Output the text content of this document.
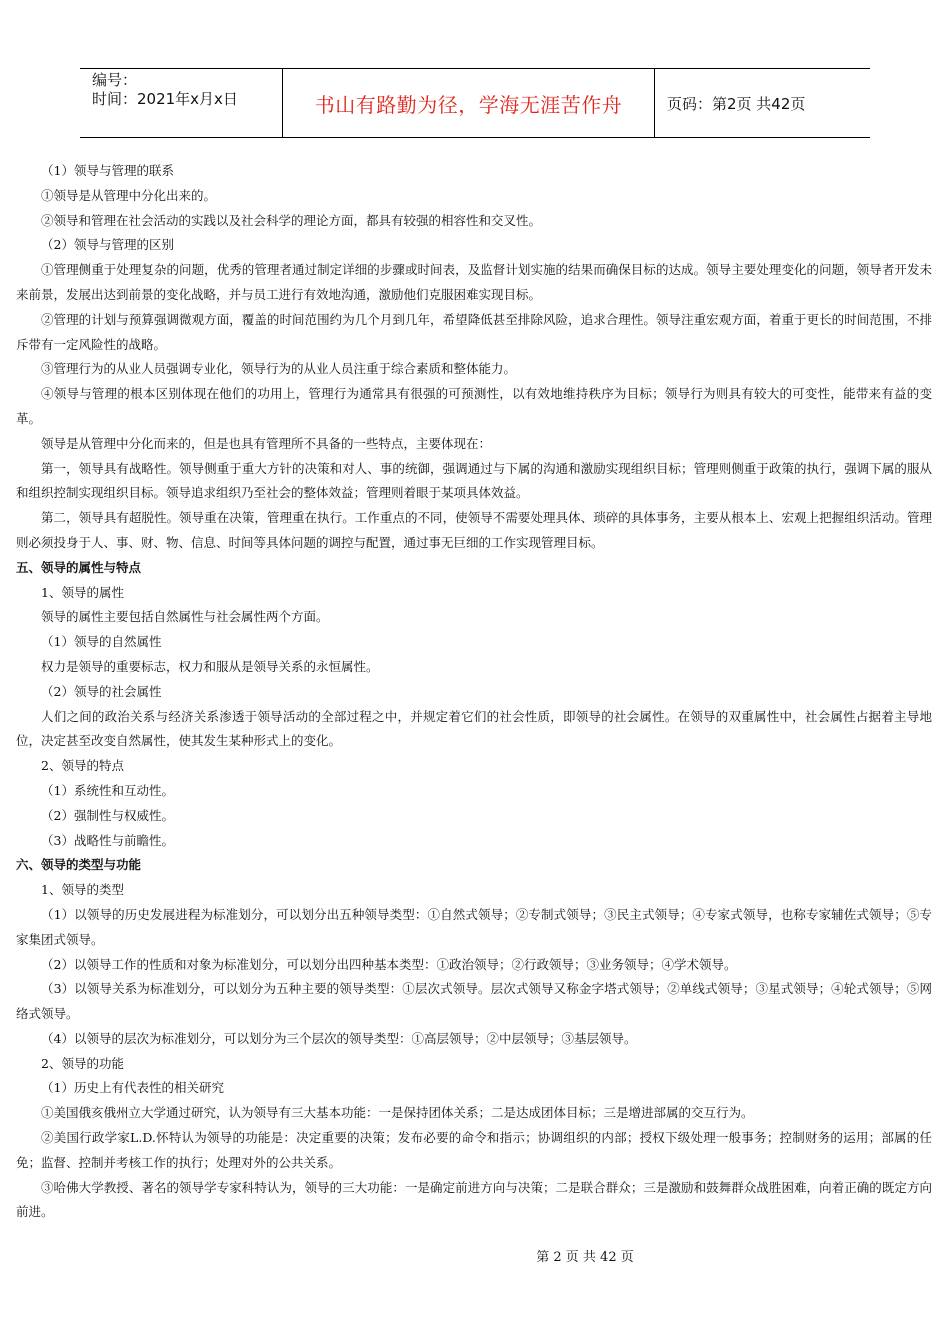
编号：
时间：2021年x月x日	书山有路勤为径，学海无涯苦作舟	页码：第2页 共42页

（1）领导与管理的联系

①领导是从管理中分化出来的。

②领导和管理在社会活动的实践以及社会科学的理论方面，都具有较强的相容性和交叉性。

（2）领导与管理的区别

①管理侧重于处理复杂的问题，优秀的管理者通过制定详细的步骤或时间表，及监督计划实施的结果而确保目标的达成。领导主要处理变化的问题，领导者开发未来前景，发展出达到前景的变化战略，并与员工进行有效地沟通，激励他们克服困难实现目标。

②管理的计划与预算强调微观方面，覆盖的时间范围约为几个月到几年，希望降低甚至排除风险，追求合理性。领导注重宏观方面，着重于更长的时间范围，不排斥带有一定风险性的战略。

③管理行为的从业人员强调专业化，领导行为的从业人员注重于综合素质和整体能力。

④领导与管理的根本区别体现在他们的功用上，管理行为通常具有很强的可预测性，以有效地维持秩序为目标；领导行为则具有较大的可变性，能带来有益的变革。

领导是从管理中分化而来的，但是也具有管理所不具备的一些特点，主要体现在：

第一，领导具有战略性。领导侧重于重大方针的决策和对人、事的统御，强调通过与下属的沟通和激励实现组织目标；管理则侧重于政策的执行，强调下属的服从和组织控制实现组织目标。领导追求组织乃至社会的整体效益；管理则着眼于某项具体效益。

第二，领导具有超脱性。领导重在决策，管理重在执行。工作重点的不同，使领导不需要处理具体、琐碎的具体事务，主要从根本上、宏观上把握组织活动。管理则必须投身于人、事、财、物、信息、时间等具体问题的调控与配置，通过事无巨细的工作实现管理目标。

五、领导的属性与特点

1、领导的属性

领导的属性主要包括自然属性与社会属性两个方面。

（1）领导的自然属性

权力是领导的重要标志，权力和服从是领导关系的永恒属性。

（2）领导的社会属性

人们之间的政治关系与经济关系渗透于领导活动的全部过程之中，并规定着它们的社会性质，即领导的社会属性。在领导的双重属性中，社会属性占据着主导地位，决定甚至改变自然属性，使其发生某种形式上的变化。

2、领导的特点

（1）系统性和互动性。

（2）强制性与权威性。

（3）战略性与前瞻性。

六、领导的类型与功能

1、领导的类型

（1）以领导的历史发展进程为标准划分，可以划分出五种领导类型：①自然式领导；②专制式领导；③民主式领导；④专家式领导，也称专家辅佐式领导；⑤专家集团式领导。

（2）以领导工作的性质和对象为标准划分，可以划分出四种基本类型：①政治领导；②行政领导；③业务领导；④学术领导。

（3）以领导关系为标准划分，可以划分为五种主要的领导类型：①层次式领导。层次式领导又称金字塔式领导；②单线式领导；③星式领导；④轮式领导；⑤网络式领导。

（4）以领导的层次为标准划分，可以划分为三个层次的领导类型：①高层领导；②中层领导；③基层领导。

2、领导的功能

（1）历史上有代表性的相关研究

①美国俄亥俄州立大学通过研究，认为领导有三大基本功能：一是保持团体关系；二是达成团体目标；三是增进部属的交互行为。

②美国行政学家L.D.怀特认为领导的功能是：决定重要的决策；发布必要的命令和指示；协调组织的内部；授权下级处理一般事务；控制财务的运用；部属的任免；监督、控制并考核工作的执行；处理对外的公共关系。

③哈佛大学教授、著名的领导学专家科特认为，领导的三大功能：一是确定前进方向与决策；二是联合群众；三是激励和鼓舞群众战胜困难，向着正确的既定方向前进。

第 2 页 共 42 页
